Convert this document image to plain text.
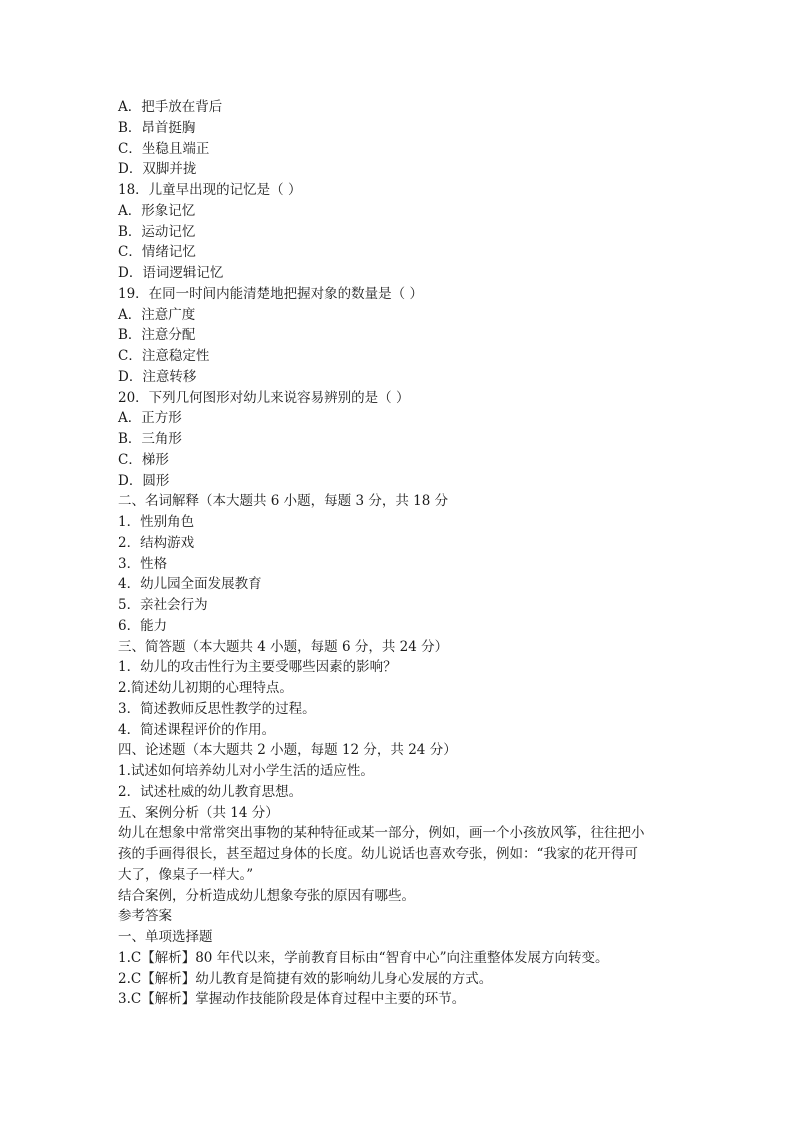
A．把手放在背后
B．昂首挺胸
C．坐稳且端正
D．双脚并拢
18．儿童早出现的记忆是（ ）
A．形象记忆
B．运动记忆
C．情绪记忆
D．语词逻辑记忆
19．在同一时间内能清楚地把握对象的数量是（ ）
A．注意广度
B．注意分配
C．注意稳定性
D．注意转移
20．下列几何图形对幼儿来说容易辨别的是（ ）
A．正方形
B．三角形
C．梯形
D．圆形
二、名词解释（本大题共 6 小题，每题 3 分，共 18 分
1．性别角色
2．结构游戏
3．性格
4．幼儿园全面发展教育
5．亲社会行为
6．能力
三、简答题（本大题共 4 小题，每题 6 分，共 24 分）
1．幼儿的攻击性行为主要受哪些因素的影响？
2.简述幼儿初期的心理特点。
3．简述教师反思性教学的过程。
4．简述课程评价的作用。
四、论述题（本大题共 2 小题，每题 12 分，共 24 分）
1.试述如何培养幼儿对小学生活的适应性。
2．试述杜威的幼儿教育思想。
五、案例分析（共 14 分）
幼儿在想象中常常突出事物的某种特征或某一部分，例如，画一个小孩放风筝，往往把小
孩的手画得很长，甚至超过身体的长度。幼儿说话也喜欢夸张，例如：“我家的花开得可
大了，像桌子一样大。”
结合案例，分析造成幼儿想象夸张的原因有哪些。
参考答案
一、单项选择题
1.C【解析】80 年代以来，学前教育目标由“智育中心”向注重整体发展方向转变。
2.C【解析】幼儿教育是简捷有效的影响幼儿身心发展的方式。
3.C【解析】掌握动作技能阶段是体育过程中主要的环节。
